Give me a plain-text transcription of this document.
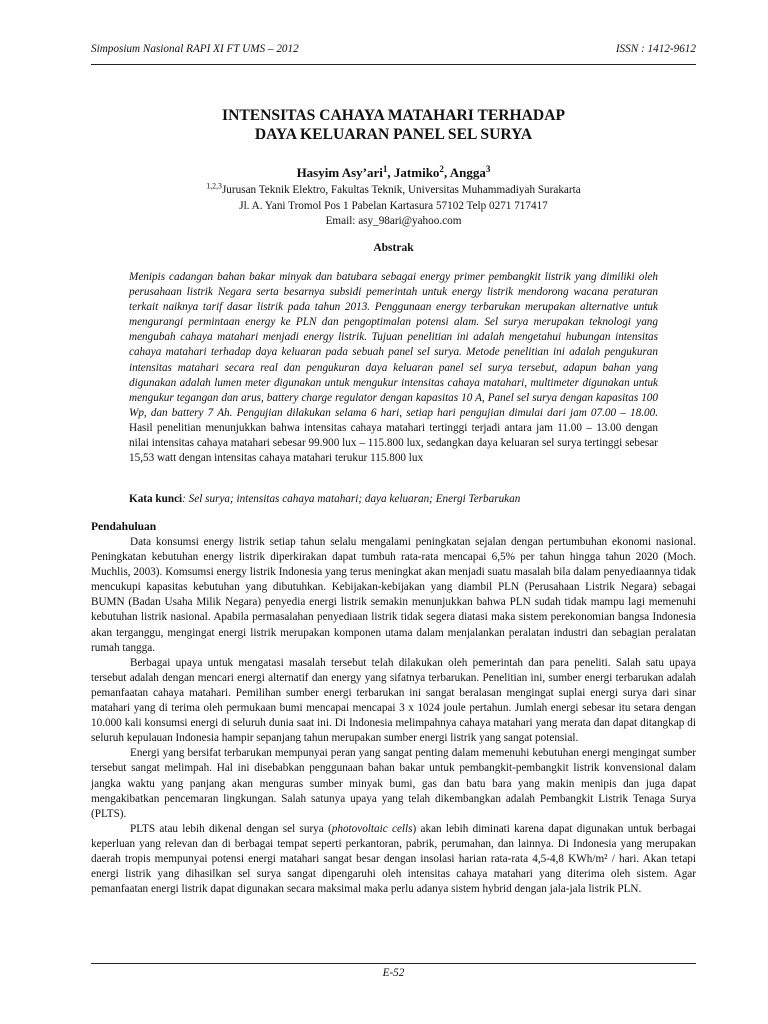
Simposium Nasional RAPI XI FT UMS – 2012	ISSN : 1412-9612
INTENSITAS CAHAYA MATAHARI TERHADAP
DAYA KELUARAN PANEL SEL SURYA
Hasyim Asy’ari$^1$, Jatmiko$^2$, Angga$^3$
$^{1,2,3}$Jurusan Teknik Elektro, Fakultas Teknik, Universitas Muhammadiyah Surakarta
Jl. A. Yani Tromol Pos 1 Pabelan Kartasura 57102 Telp 0271 717417
Email: asy_98ari@yahoo.com
Abstrak

Menipis cadangan bahan bakar minyak dan batubara sebagai energy primer pembangkit listrik yang dimiliki oleh perusahaan listrik Negara serta besarnya subsidi pemerintah untuk energy listrik mendorong wacana peraturan terkait naiknya tarif dasar listrik pada tahun 2013. Penggunaan energy terbarukan merupakan alternative untuk mengurangi permintaan energy ke PLN dan pengoptimalan potensi alam. Sel surya merupakan teknologi yang mengubah cahaya matahari menjadi energy listrik. Tujuan penelitian ini adalah mengetahui hubungan intensitas cahaya matahari terhadap daya keluaran pada sebuah panel sel surya. Metode penelitian ini adalah pengukuran intensitas matahari secara real dan pengukuran daya keluaran panel sel surya tersebut, adapun bahan yang digunakan adalah lumen meter digunakan untuk mengukur intensitas cahaya matahari, multimeter digunakan untuk mengukur tegangan dan arus, battery charge regulator dengan kapasitas 10 A, Panel sel surya dengan kapasitas 100 Wp, dan battery 7 Ah. Pengujian dilakukan selama 6 hari, setiap hari pengujian dimulai dari jam 07.00 – 18.00. Hasil penelitian menunjukkan bahwa intensitas cahaya matahari tertinggi terjadi antara jam 11.00 – 13.00 dengan nilai intensitas cahaya matahari sebesar 99.900 lux – 115.800 lux, sedangkan daya keluaran sel surya tertinggi sebesar 15,53 watt dengan intensitas cahaya matahari terukur 115.800 lux

Kata kunci: Sel surya; intensitas cahaya matahari; daya keluaran; Energi Terbarukan
Pendahuluan

Data konsumsi energy listrik setiap tahun selalu mengalami peningkatan sejalan dengan pertumbuhan ekonomi nasional. Peningkatan kebutuhan energy listrik diperkirakan dapat tumbuh rata-rata mencapai 6,5% per tahun hingga tahun 2020 (Moch. Muchlis, 2003). Komsumsi energy listrik Indonesia yang terus meningkat akan menjadi suatu masalah bila dalam penyediaannya tidak mencukupi kapasitas kebutuhan yang dibutuhkan. Kebijakan-kebijakan yang diambil PLN (Perusahaan Listrik Negara) sebagai BUMN (Badan Usaha Milik Negara) penyedia energi listrik semakin menunjukkan bahwa PLN sudah tidak mampu lagi memenuhi kebutuhan listrik nasional. Apabila permasalahan penyediaan listrik tidak segera diatasi maka sistem perekonomian bangsa Indonesia akan terganggu, mengingat energi listrik merupakan komponen utama dalam menjalankan peralatan industri dan sebagian peralatan rumah tangga.

Berbagai upaya untuk mengatasi masalah tersebut telah dilakukan oleh pemerintah dan para peneliti. Salah satu upaya tersebut adalah dengan mencari energi alternatif dan energy yang sifatnya terbarukan. Penelitian ini, sumber energi terbarukan adalah pemanfaatan cahaya matahari. Pemilihan sumber energi terbarukan ini sangat beralasan mengingat suplai energi surya dari sinar matahari yang di terima oleh permukaan bumi mencapai mencapai 3 x 1024 joule pertahun. Jumlah energi sebesar itu setara dengan 10.000 kali konsumsi energi di seluruh dunia saat ini. Di Indonesia melimpahnya cahaya matahari yang merata dan dapat ditangkap di seluruh kepulauan Indonesia hampir sepanjang tahun merupakan sumber energi listrik yang sangat potensial.

Energi yang bersifat terbarukan mempunyai peran yang sangat penting dalam memenuhi kebutuhan energi mengingat sumber tersebut sangat melimpah. Hal ini disebabkan penggunaan bahan bakar untuk pembangkit-pembangkit listrik konvensional dalam jangka waktu yang panjang akan menguras sumber minyak bumi, gas dan batu bara yang makin menipis dan juga dapat mengakibatkan pencemaran lingkungan. Salah satunya upaya yang telah dikembangkan adalah Pembangkit Listrik Tenaga Surya (PLTS).

PLTS atau lebih dikenal dengan sel surya (photovoltaic cells) akan lebih diminati karena dapat digunakan untuk berbagai keperluan yang relevan dan di berbagai tempat seperti perkantoran, pabrik, perumahan, dan lainnya. Di Indonesia yang merupakan daerah tropis mempunyai potensi energi matahari sangat besar dengan insolasi harian rata-rata 4,5-4,8 KWh/m² / hari. Akan tetapi energi listrik yang dihasilkan sel surya sangat dipengaruhi oleh intensitas cahaya matahari yang diterima oleh sistem. Agar pemanfaatan energi listrik dapat digunakan secara maksimal maka perlu adanya sistem hybrid dengan jala-jala listrik PLN.

E-52
